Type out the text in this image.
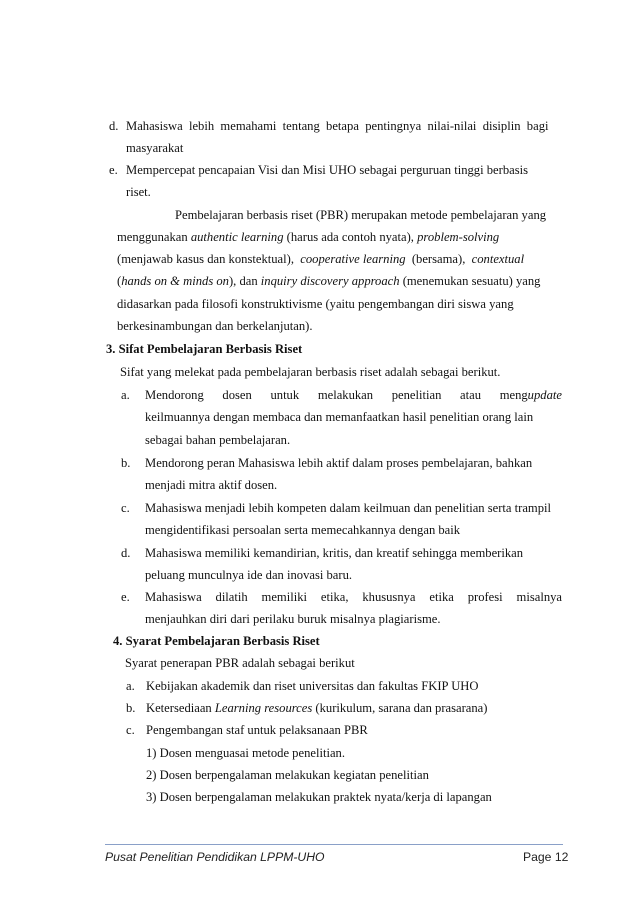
d. Mahasiswa  lebih  memahami  tentang  betapa  pentingnya  nilai-nilai  disiplin  bagi
masyarakat
e. Mempercepat pencapaian Visi dan Misi UHO sebagai perguruan tinggi berbasis
riset.
Pembelajaran berbasis riset (PBR) merupakan metode pembelajaran yang
menggunakan authentic learning (harus ada contoh nyata), problem-solving
(menjawab kasus dan konstektual), cooperative learning (bersama), contextual
(hands on & minds on), dan inquiry discovery approach (menemukan sesuatu) yang
didasarkan pada filosofi konstruktivisme (yaitu pengembangan diri siswa yang
berkesinambungan dan berkelanjutan).
3. Sifat Pembelajaran Berbasis Riset
Sifat yang melekat pada pembelajaran berbasis riset adalah sebagai berikut.
a. Mendorong dosen untuk melakukan penelitian atau mengupdate
keilmuannya dengan membaca dan memanfaatkan hasil penelitian orang lain
sebagai bahan pembelajaran.
b. Mendorong peran Mahasiswa lebih aktif dalam proses pembelajaran, bahkan
menjadi mitra aktif dosen.
c. Mahasiswa menjadi lebih kompeten dalam keilmuan dan penelitian serta trampil
mengidentifikasi persoalan serta memecahkannya dengan baik
d. Mahasiswa memiliki kemandirian, kritis, dan kreatif sehingga memberikan
peluang munculnya ide dan inovasi baru.
e. Mahasiswa dilatih memiliki etika, khususnya etika profesi misalnya
menjauhkan diri dari perilaku buruk misalnya plagiarisme.
4. Syarat Pembelajaran Berbasis Riset
Syarat penerapan PBR adalah sebagai berikut
a. Kebijakan akademik dan riset universitas dan fakultas FKIP UHO
b. Ketersediaan Learning resources (kurikulum, sarana dan prasarana)
c. Pengembangan staf untuk pelaksanaan PBR
1) Dosen menguasai metode penelitian.
2) Dosen berpengalaman melakukan kegiatan penelitian
3) Dosen berpengalaman melakukan praktek nyata/kerja di lapangan
Pusat Penelitian Pendidikan LPPM-UHO	Page 12
